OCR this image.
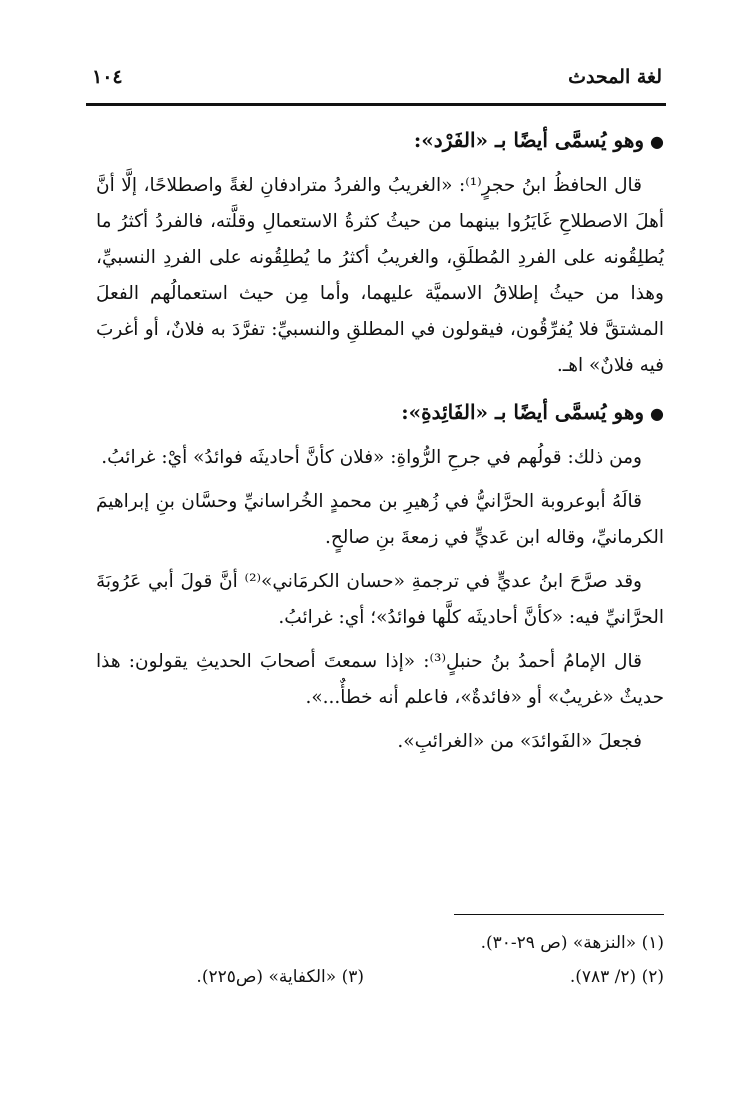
لغة المحدث
١٠٤
●وهو يُسمَّى أيضًا بـ «الفَرْد»:

قال الحافظُ ابنُ حجرٍ⁽¹⁾: «الغريبُ والفردُ مترادفانِ لغةً واصطلاحًا، إلَّا أنَّ أهلَ الاصطلاحِ غَايَرُوا بينهما من حيثُ كثرةُ الاستعمالِ وقلَّته، فالفردُ أكثرُ ما يُطلِقُونه على الفردِ المُطلَقِ، والغريبُ أكثرُ ما يُطلِقُونه على الفردِ النسبيِّ، وهذا من حيثُ إطلاقُ الاسميَّة عليهما، وأما مِن حيث استعمالُهم الفعلَ المشتقَّ فلا يُفرِّقُون، فيقولون في المطلقِ والنسبيِّ: تفرَّدَ به فلانٌ، أو أغربَ فيه فلانٌ» اهـ.

●وهو يُسمَّى أيضًا بـ «الفَائِدةِ»:

ومن ذلك: قولُهم في جرحِ الرُّواةِ: «فلان كأنَّ أحاديثَه فوائدُ» أيْ: غرائبُ.

قالَهُ أبوعروبة الحرَّانيُّ في زُهيرِ بن محمدٍ الخُراسانيِّ وحسَّان بنِ إبراهيمَ الكرمانيِّ، وقاله ابن عَديٍّ في زمعةَ بنِ صالحٍ.

وقد صرَّحَ ابنُ عديٍّ في ترجمةِ «حسان الكرمَاني»⁽²⁾ أنَّ قولَ أبي عَرُوبَةَ الحرَّانيِّ فيه: «كأنَّ أحاديثَه كلَّها فوائدُ»؛ أي: غرائبُ.

قال الإمامُ أحمدُ بنُ حنبلٍ⁽³⁾: «إذا سمعتَ أصحابَ الحديثِ يقولون: هذا حديثٌ «غريبٌ» أو «فائدةٌ»، فاعلم أنه خطأٌ...».

فجعلَ «الفَوائدَ» من «الغرائبِ».

(١) «النزهة» (ص ٢٩-٣٠).
(٢) (٢/ ٧٨٣).
(٣) «الكفاية» (ص٢٢٥).
